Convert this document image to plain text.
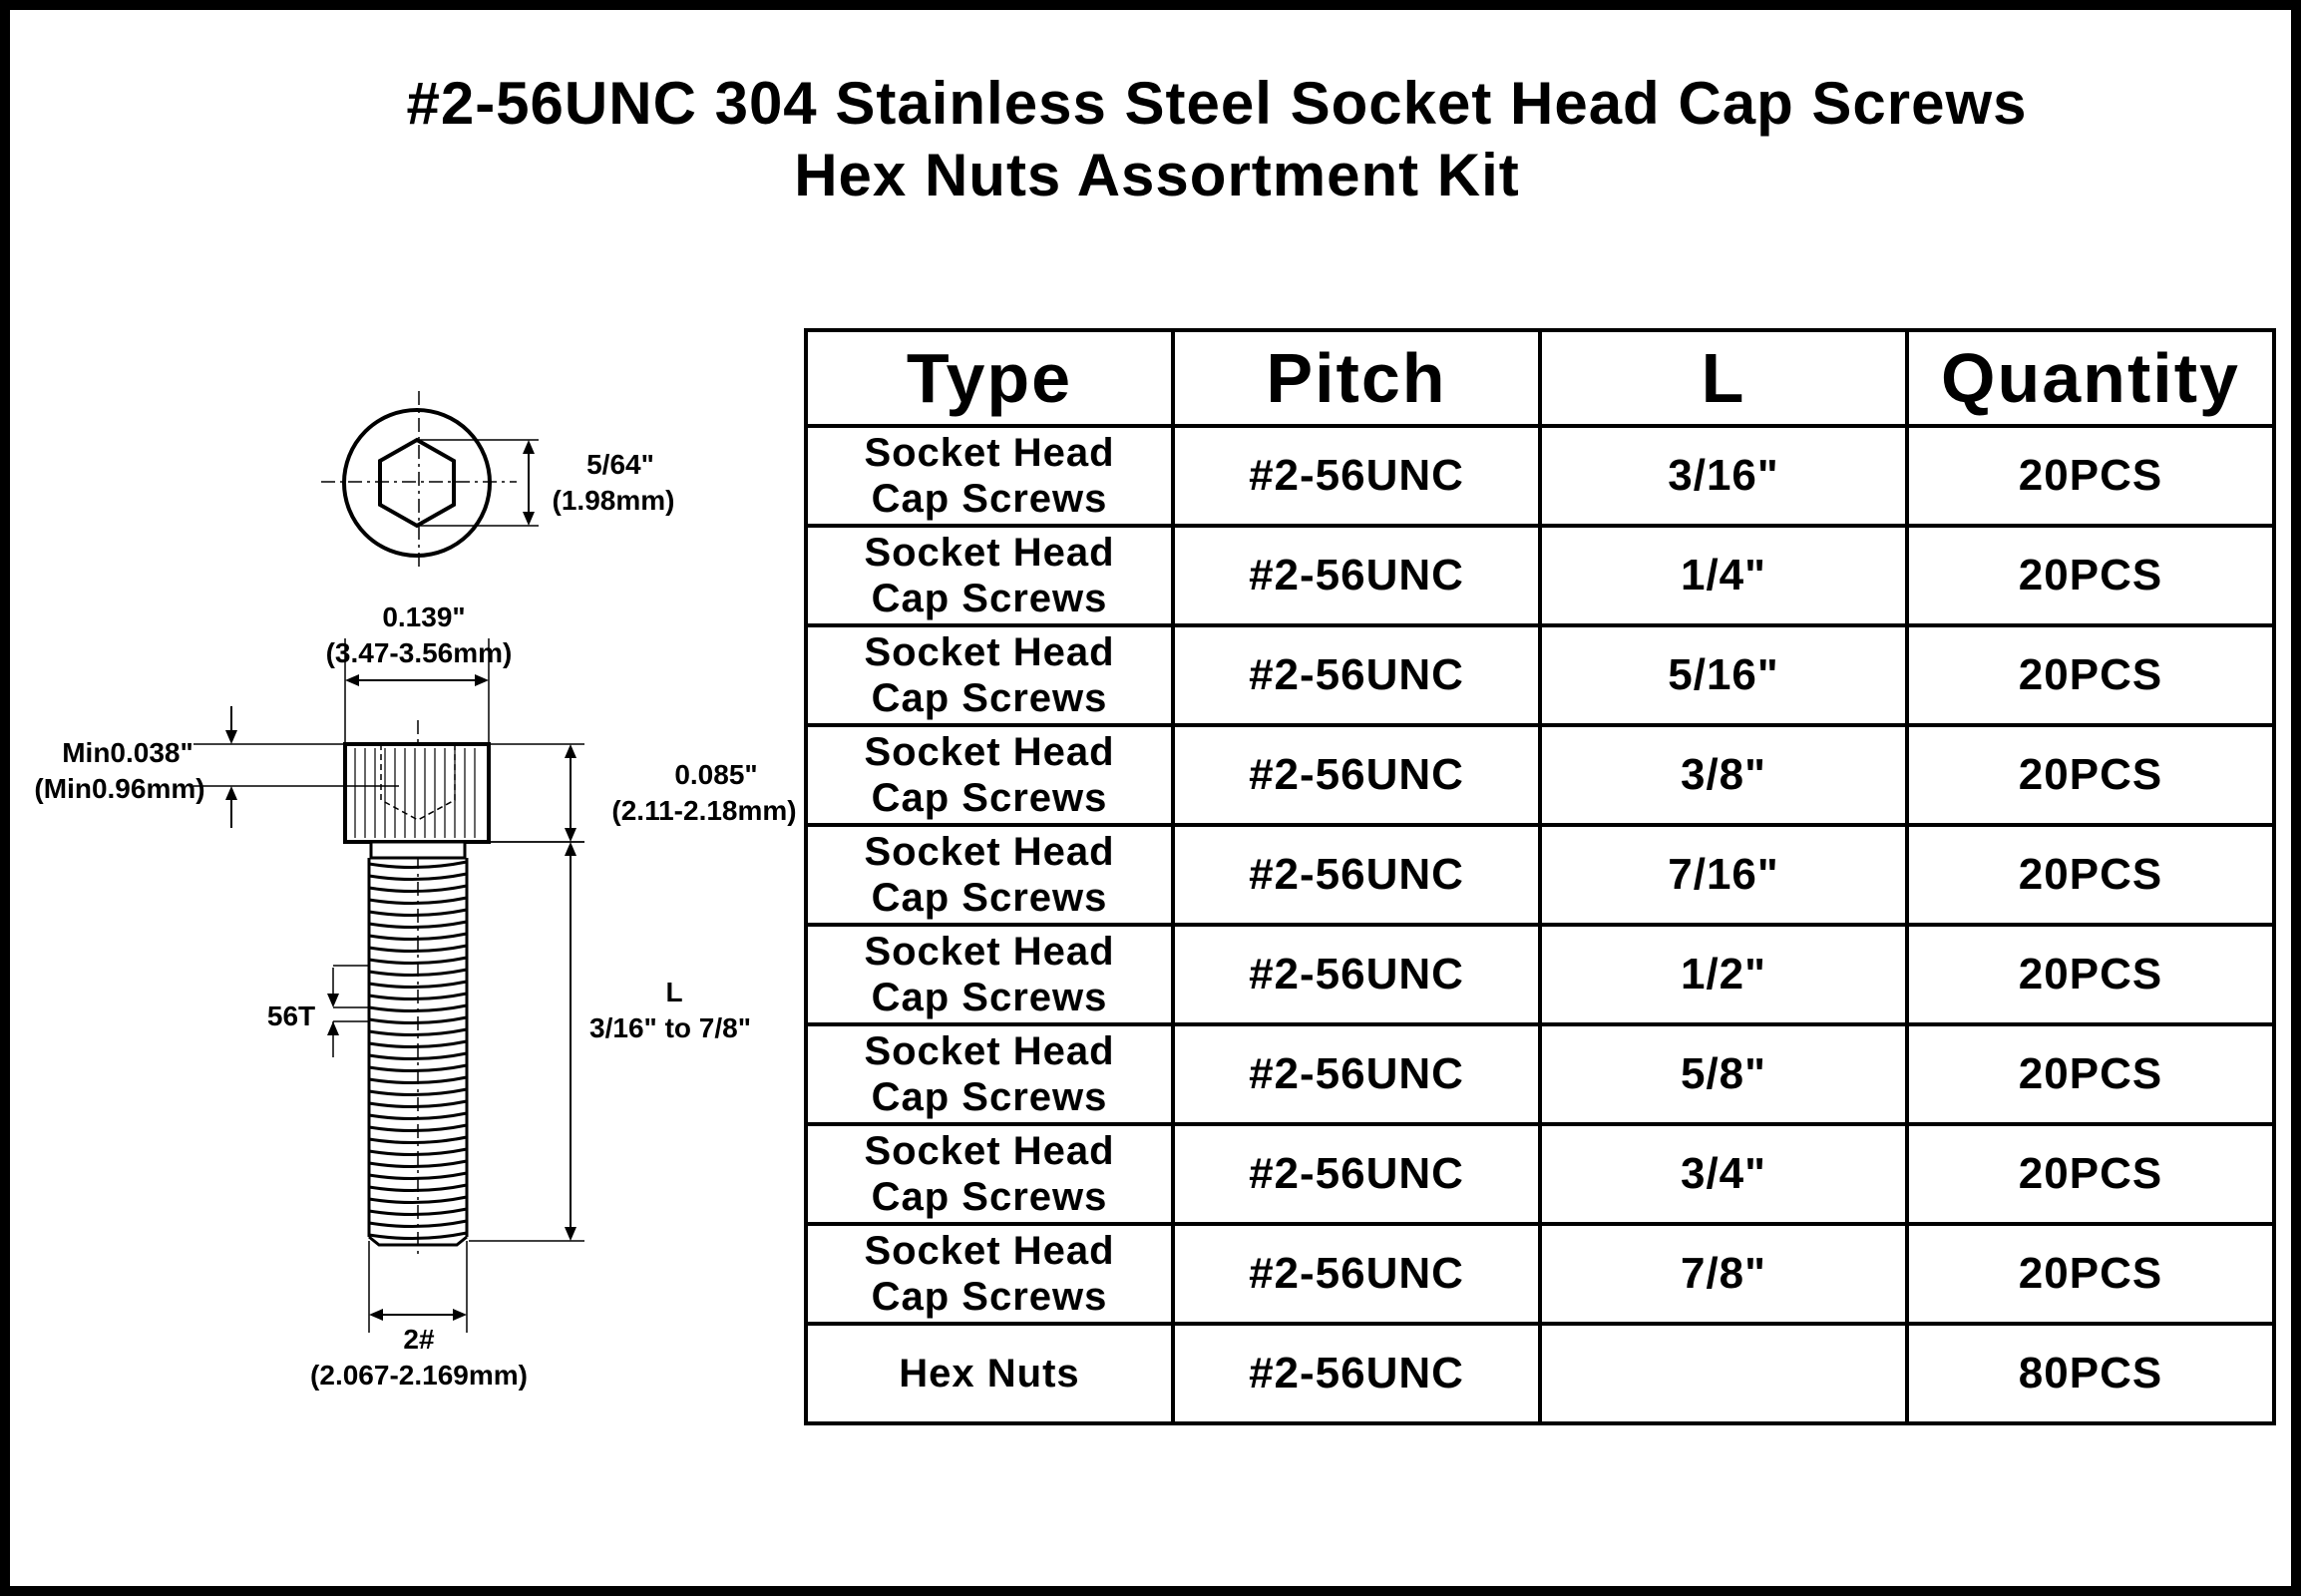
#2-56UNC 304 Stainless Steel Socket Head Cap Screws
Hex Nuts Assortment Kit
5/64"
(1.98mm)
0.139"
(3.47-3.56mm)
Min0.038"
(Min0.96mm)	0.085"
(2.11-2.18mm)
L
3/16" to 7/8"
56T
2#
(2.067-2.169mm)
Type	Pitch	L	Quantity

Socket Head
Cap Screws	#2-56UNC	3/16"	20PCS

Socket Head
Cap Screws	#2-56UNC	1/4"	20PCS

Socket Head
Cap Screws	#2-56UNC	5/16"	20PCS

Socket Head
Cap Screws	#2-56UNC	3/8"	20PCS

Socket Head
Cap Screws	#2-56UNC	7/16"	20PCS

Socket Head
Cap Screws	#2-56UNC	1/2"	20PCS

Socket Head
Cap Screws	#2-56UNC	5/8"	20PCS

Socket Head
Cap Screws	#2-56UNC	3/4"	20PCS

Socket Head
Cap Screws	#2-56UNC	7/8"	20PCS

Hex Nuts	#2-56UNC		80PCS
